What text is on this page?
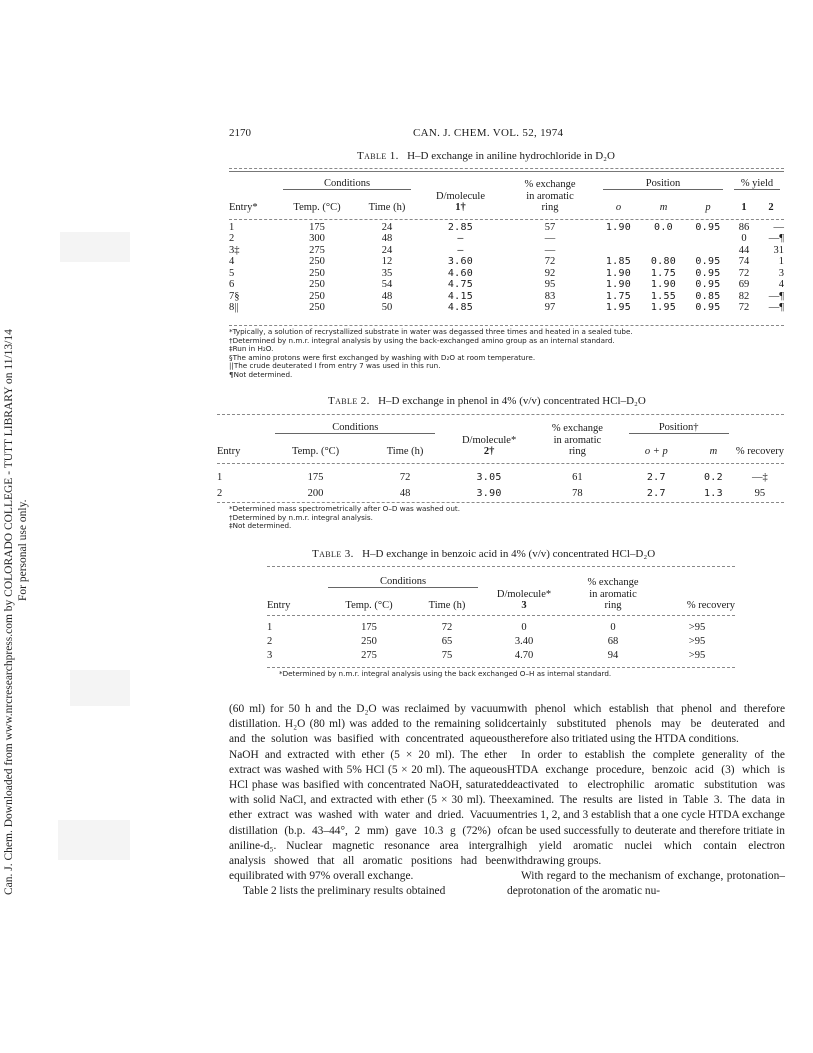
Can. J. Chem. Downloaded from www.nrcresearchpress.com by COLORADO COLLEGE - TUTT LIBRARY on 11/13/14 For personal use only.
2170	CAN. J. CHEM. VOL. 52, 1974
Table 1. H–D exchange in aniline hydrochloride in D₂O
	Conditions			% exchange	Position			% yield	
			D/molecule	in aromatic					
Entry*	Temp. (°C)	Time (h)	1†	ring	o	m	p	1	2

1	175	24	2.85	57	1.90	0.0	0.95	86	—
2	300	48	—	—				0	—¶
3‡	275	24	—	—				44	31
4	250	12	3.60	72	1.85	0.80	0.95	74	1
5	250	35	4.60	92	1.90	1.75	0.95	72	3
6	250	54	4.75	95	1.90	1.90	0.95	69	4
7§	250	48	4.15	83	1.75	1.55	0.85	82	—¶
8||	250	50	4.85	97	1.95	1.95	0.95	72	—¶
*Typically, a solution of recrystallized substrate in water was degassed three times and heated in a sealed tube.
†Determined by n.m.r. integral analysis by using the back-exchanged amino group as an internal standard.
‡Run in H₂O.
§The amino protons were first exchanged by washing with D₂O at room temperature.
||The crude deuterated I from entry 7 was used in this run.
¶Not determined.
Table 2. H–D exchange in phenol in 4% (v/v) concentrated HCl–D₂O
	Conditions			% exchange	Position†		
			D/molecule*	in aromatic			
Entry	Temp. (°C)	Time (h)	2†	ring	o + p	m	% recovery

1	175	72	3.05	61	2.7	0.2	—‡
2	200	48	3.90	78	2.7	1.3	95
*Determined mass spectrometrically after O–D was washed out.
†Determined by n.m.r. integral analysis.
‡Not determined.
Table 3. H–D exchange in benzoic acid in 4% (v/v) concentrated HCl–D₂O
	Conditions			% exchange	
			D/molecule*	in aromatic	
Entry	Temp. (°C)	Time (h)	3	ring	% recovery

1	175	72	0	0	>95
2	250	65	3.40	68	>95
3	275	75	4.70	94	>95
*Determined by n.m.r. integral analysis using the back exchanged O–H as internal standard.

(60 ml) for 50 h and the D₂O was reclaimed by vacuum distillation. H₂O (80 ml) was added to the remaining solid and the solution was basified with concentrated aqueous NaOH and extracted with ether (5 × 20 ml). The ether extract was washed with 5% HCl (5 × 20 ml). The aqueous HCl phase was basified with concentrated NaOH, saturated with solid NaCl, and extracted with ether (5 × 30 ml). The ether extract was washed with water and dried. Vacuum distillation (b.p. 43–44°, 2 mm) gave 10.3 g (72%) of aniline-d₅. Nuclear magnetic resonance area intergral analysis showed that all aromatic positions had been equilibrated with 97% overall exchange.

Table 2 lists the preliminary results obtained

with phenol which establish that phenol and therefore certainly substituted phenols may be deuterated and therefore also tritiated using the HTDA conditions.

In order to establish the complete generality of the HTDA exchange procedure, benzoic acid (3) which is deactivated to electrophilic aromatic substitution was examined. The results are listed in Table 3. The data in entries 1, 2, and 3 establish that a one cycle HTDA exchange can be used successfully to deuterate and therefore tritiate in high yield aromatic nuclei which contain electron withdrawing groups.

With regard to the mechanism of exchange, protonation–deprotonation of the aromatic nu-
